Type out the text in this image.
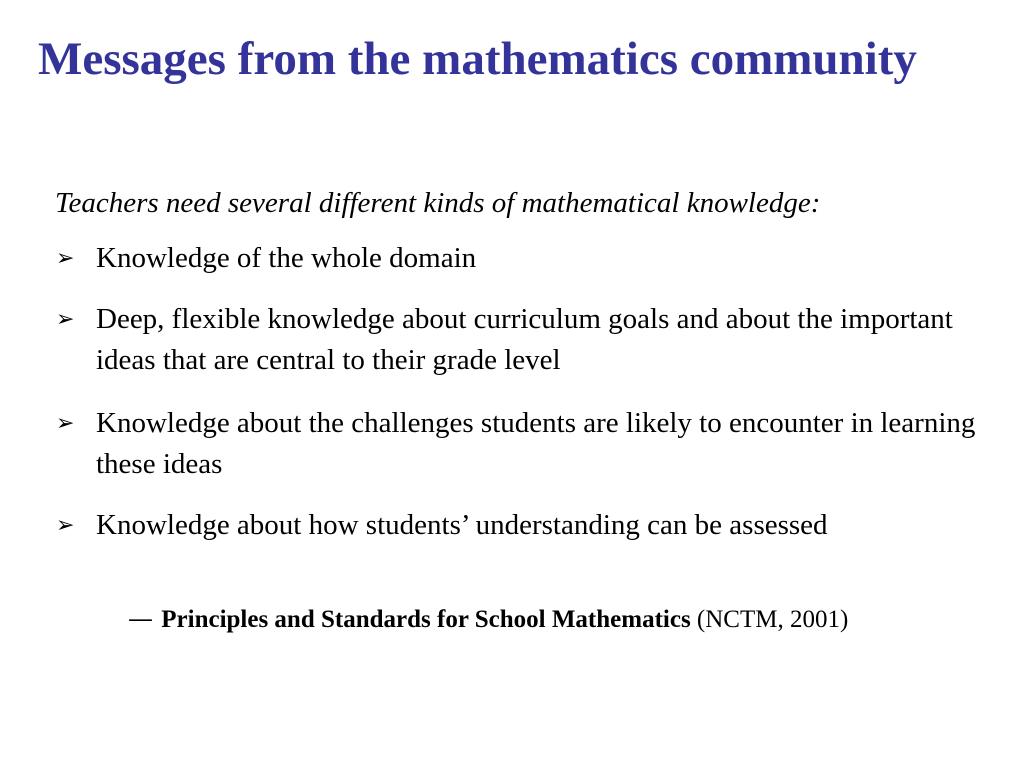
Messages from the mathematics community
Teachers need several different kinds of mathematical knowledge:
➢ Knowledge of the whole domain
➢ Deep, flexible knowledge about curriculum goals and about the important ideas that are central to their grade level
➢ Knowledge about the challenges students are likely to encounter in learning these ideas
➢ Knowledge about how students’ understanding can be assessed
— Principles and Standards for School Mathematics (NCTM, 2001)
